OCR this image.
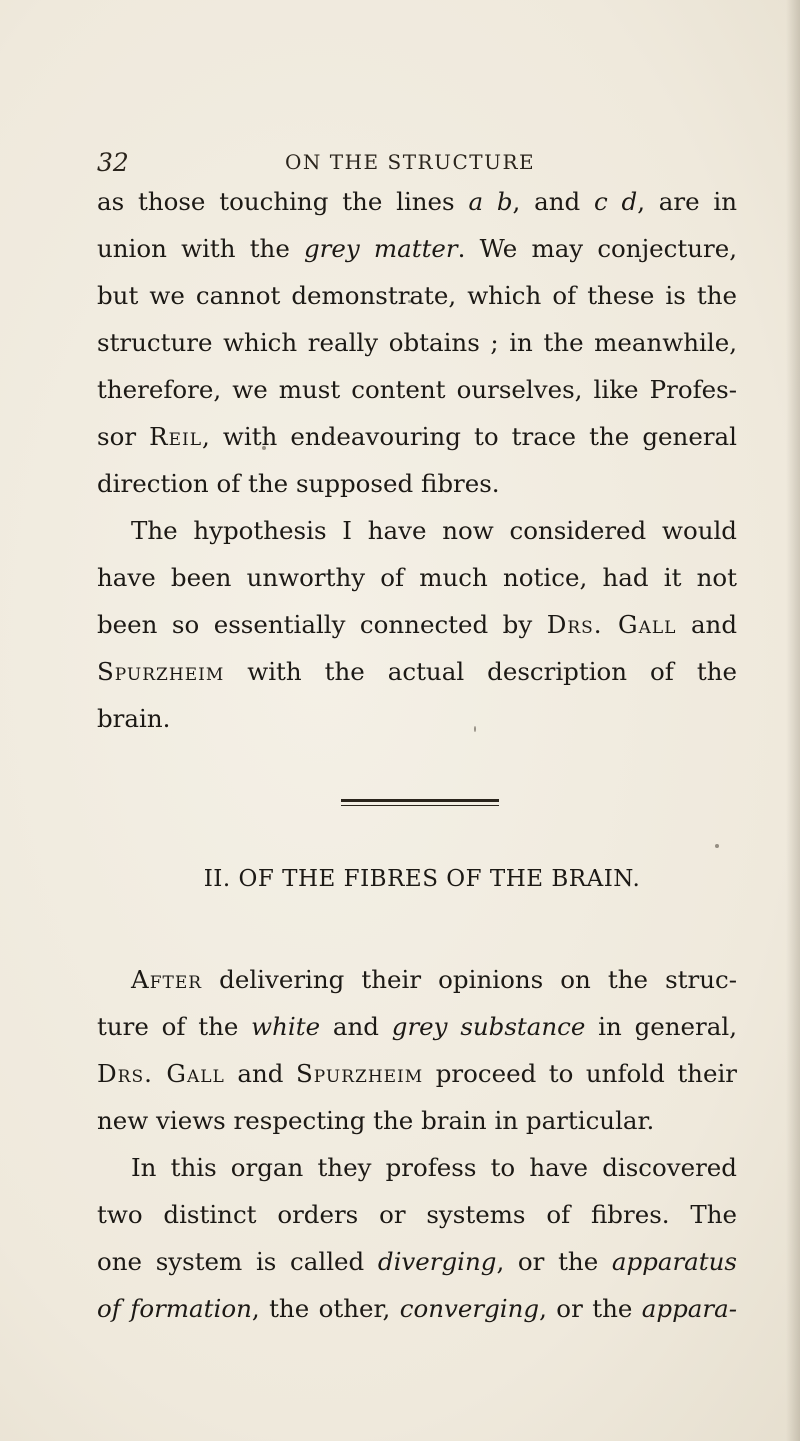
32	ON THE STRUCTURE
as those touching the lines a b, and c d, are in
union with the grey matter. We may conjecture,
but we cannot demonstrate, which of these is the
structure which really obtains ; in the meanwhile,
therefore, we must content ourselves, like Profes-
sor Reil, with endeavouring to trace the general
direction of the supposed fibres.
The hypothesis I have now considered would
have been unworthy of much notice, had it not
been so essentially connected by Drs. Gall and
Spurzheim with the actual description of the
brain.
II. OF THE FIBRES OF THE BRAIN.
After delivering their opinions on the struc-
ture of the white and grey substance in general,
Drs. Gall and Spurzheim proceed to unfold their
new views respecting the brain in particular.
In this organ they profess to have discovered
two distinct orders or systems of fibres. The
one system is called diverging, or the apparatus
of formation, the other, converging, or the appara-
